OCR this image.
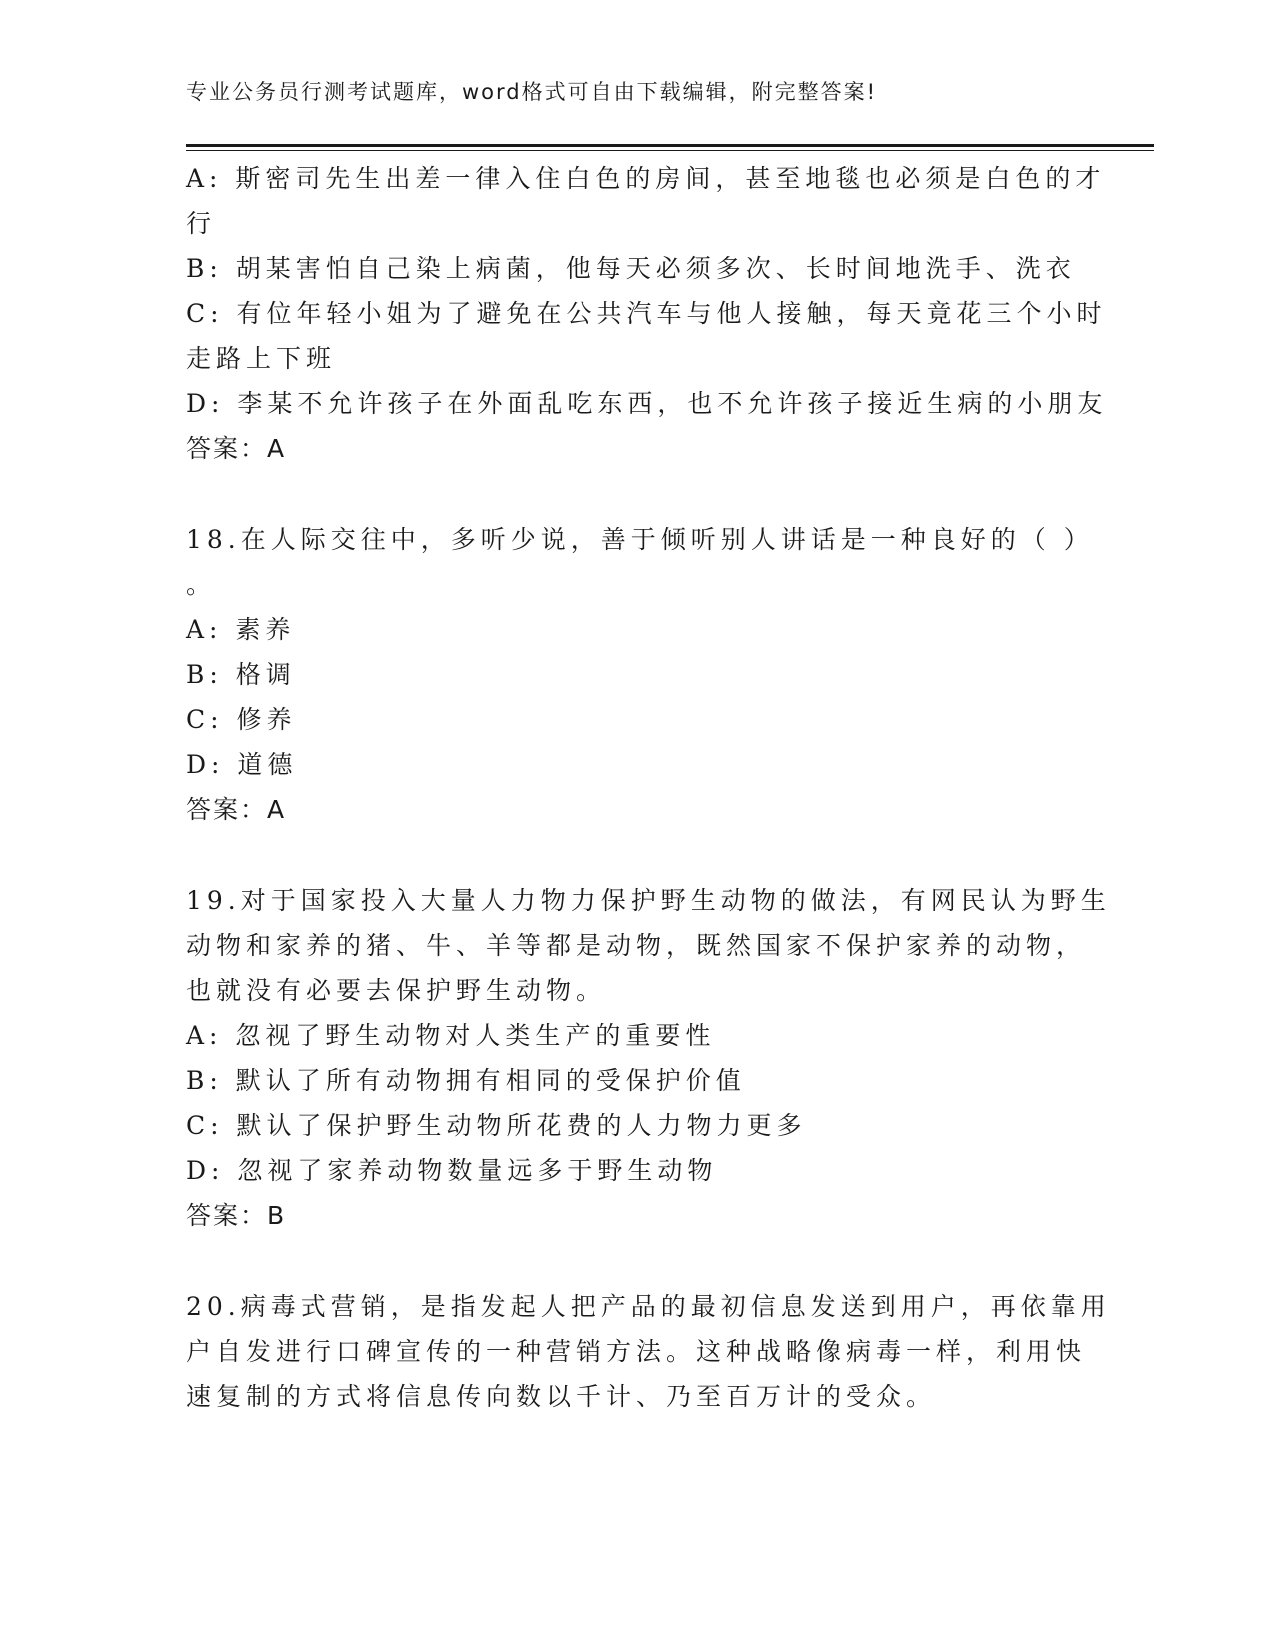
专业公务员行测考试题库，word格式可自由下载编辑，附完整答案!
A: 斯密司先生出差一律入住白色的房间，甚至地毯也必须是白色的才
行
B: 胡某害怕自己染上病菌，他每天必须多次、长时间地洗手、洗衣
C: 有位年轻小姐为了避免在公共汽车与他人接触，每天竟花三个小时
走路上下班
D: 李某不允许孩子在外面乱吃东西，也不允许孩子接近生病的小朋友
答案：A
18.在人际交往中，多听少说，善于倾听别人讲话是一种良好的（ ）
。
A: 素养
B: 格调
C: 修养
D: 道德
答案：A
19.对于国家投入大量人力物力保护野生动物的做法，有网民认为野生
动物和家养的猪、牛、羊等都是动物，既然国家不保护家养的动物，
也就没有必要去保护野生动物。
A: 忽视了野生动物对人类生产的重要性
B: 默认了所有动物拥有相同的受保护价值
C: 默认了保护野生动物所花费的人力物力更多
D: 忽视了家养动物数量远多于野生动物
答案：B
20.病毒式营销，是指发起人把产品的最初信息发送到用户，再依靠用
户自发进行口碑宣传的一种营销方法。这种战略像病毒一样，利用快
速复制的方式将信息传向数以千计、乃至百万计的受众。
